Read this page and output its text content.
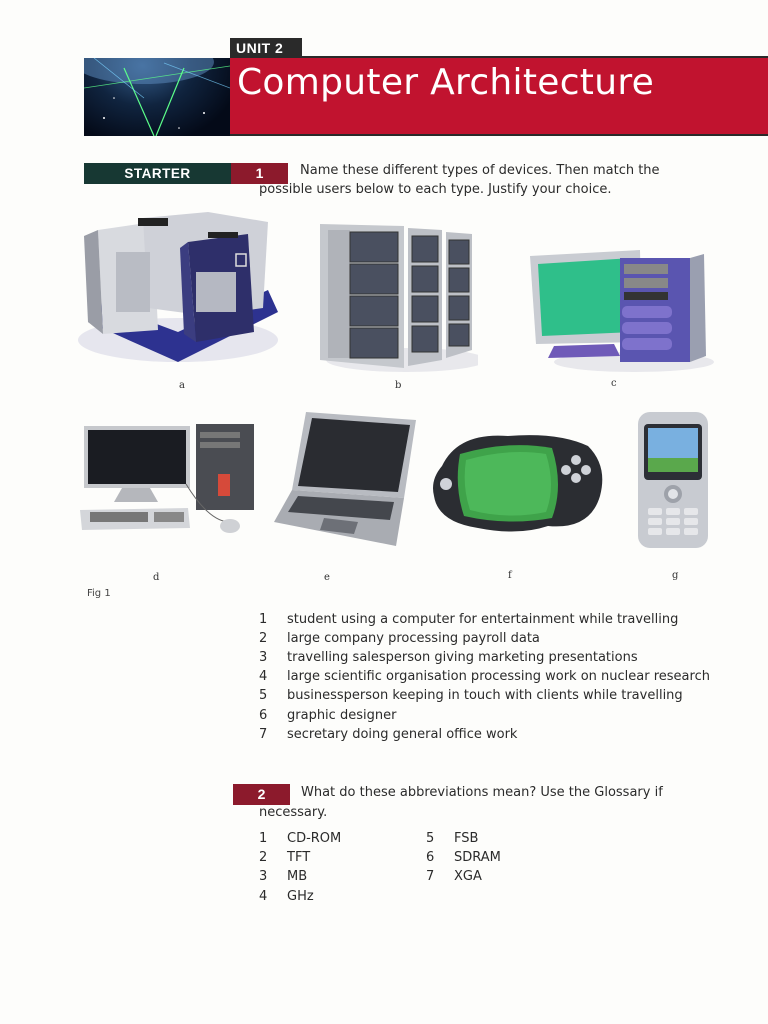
UNIT 2
Computer Architecture
STARTER	1	Name these different types of devices. Then match the
possible users below to each type. Justify your choice.
a	b	c
d	e	f	g
Fig 1
1 student using a computer for entertainment while travelling
2 large company processing payroll data
3 travelling salesperson giving marketing presentations
4 large scientific organisation processing work on nuclear research
5 businessperson keeping in touch with clients while travelling
6 graphic designer
7 secretary doing general office work
2	What do these abbreviations mean? Use the Glossary if
necessary.
1 CD-ROM
2 TFT
3 MB
4 GHz
5 FSB
6 SDRAM
7 XGA
